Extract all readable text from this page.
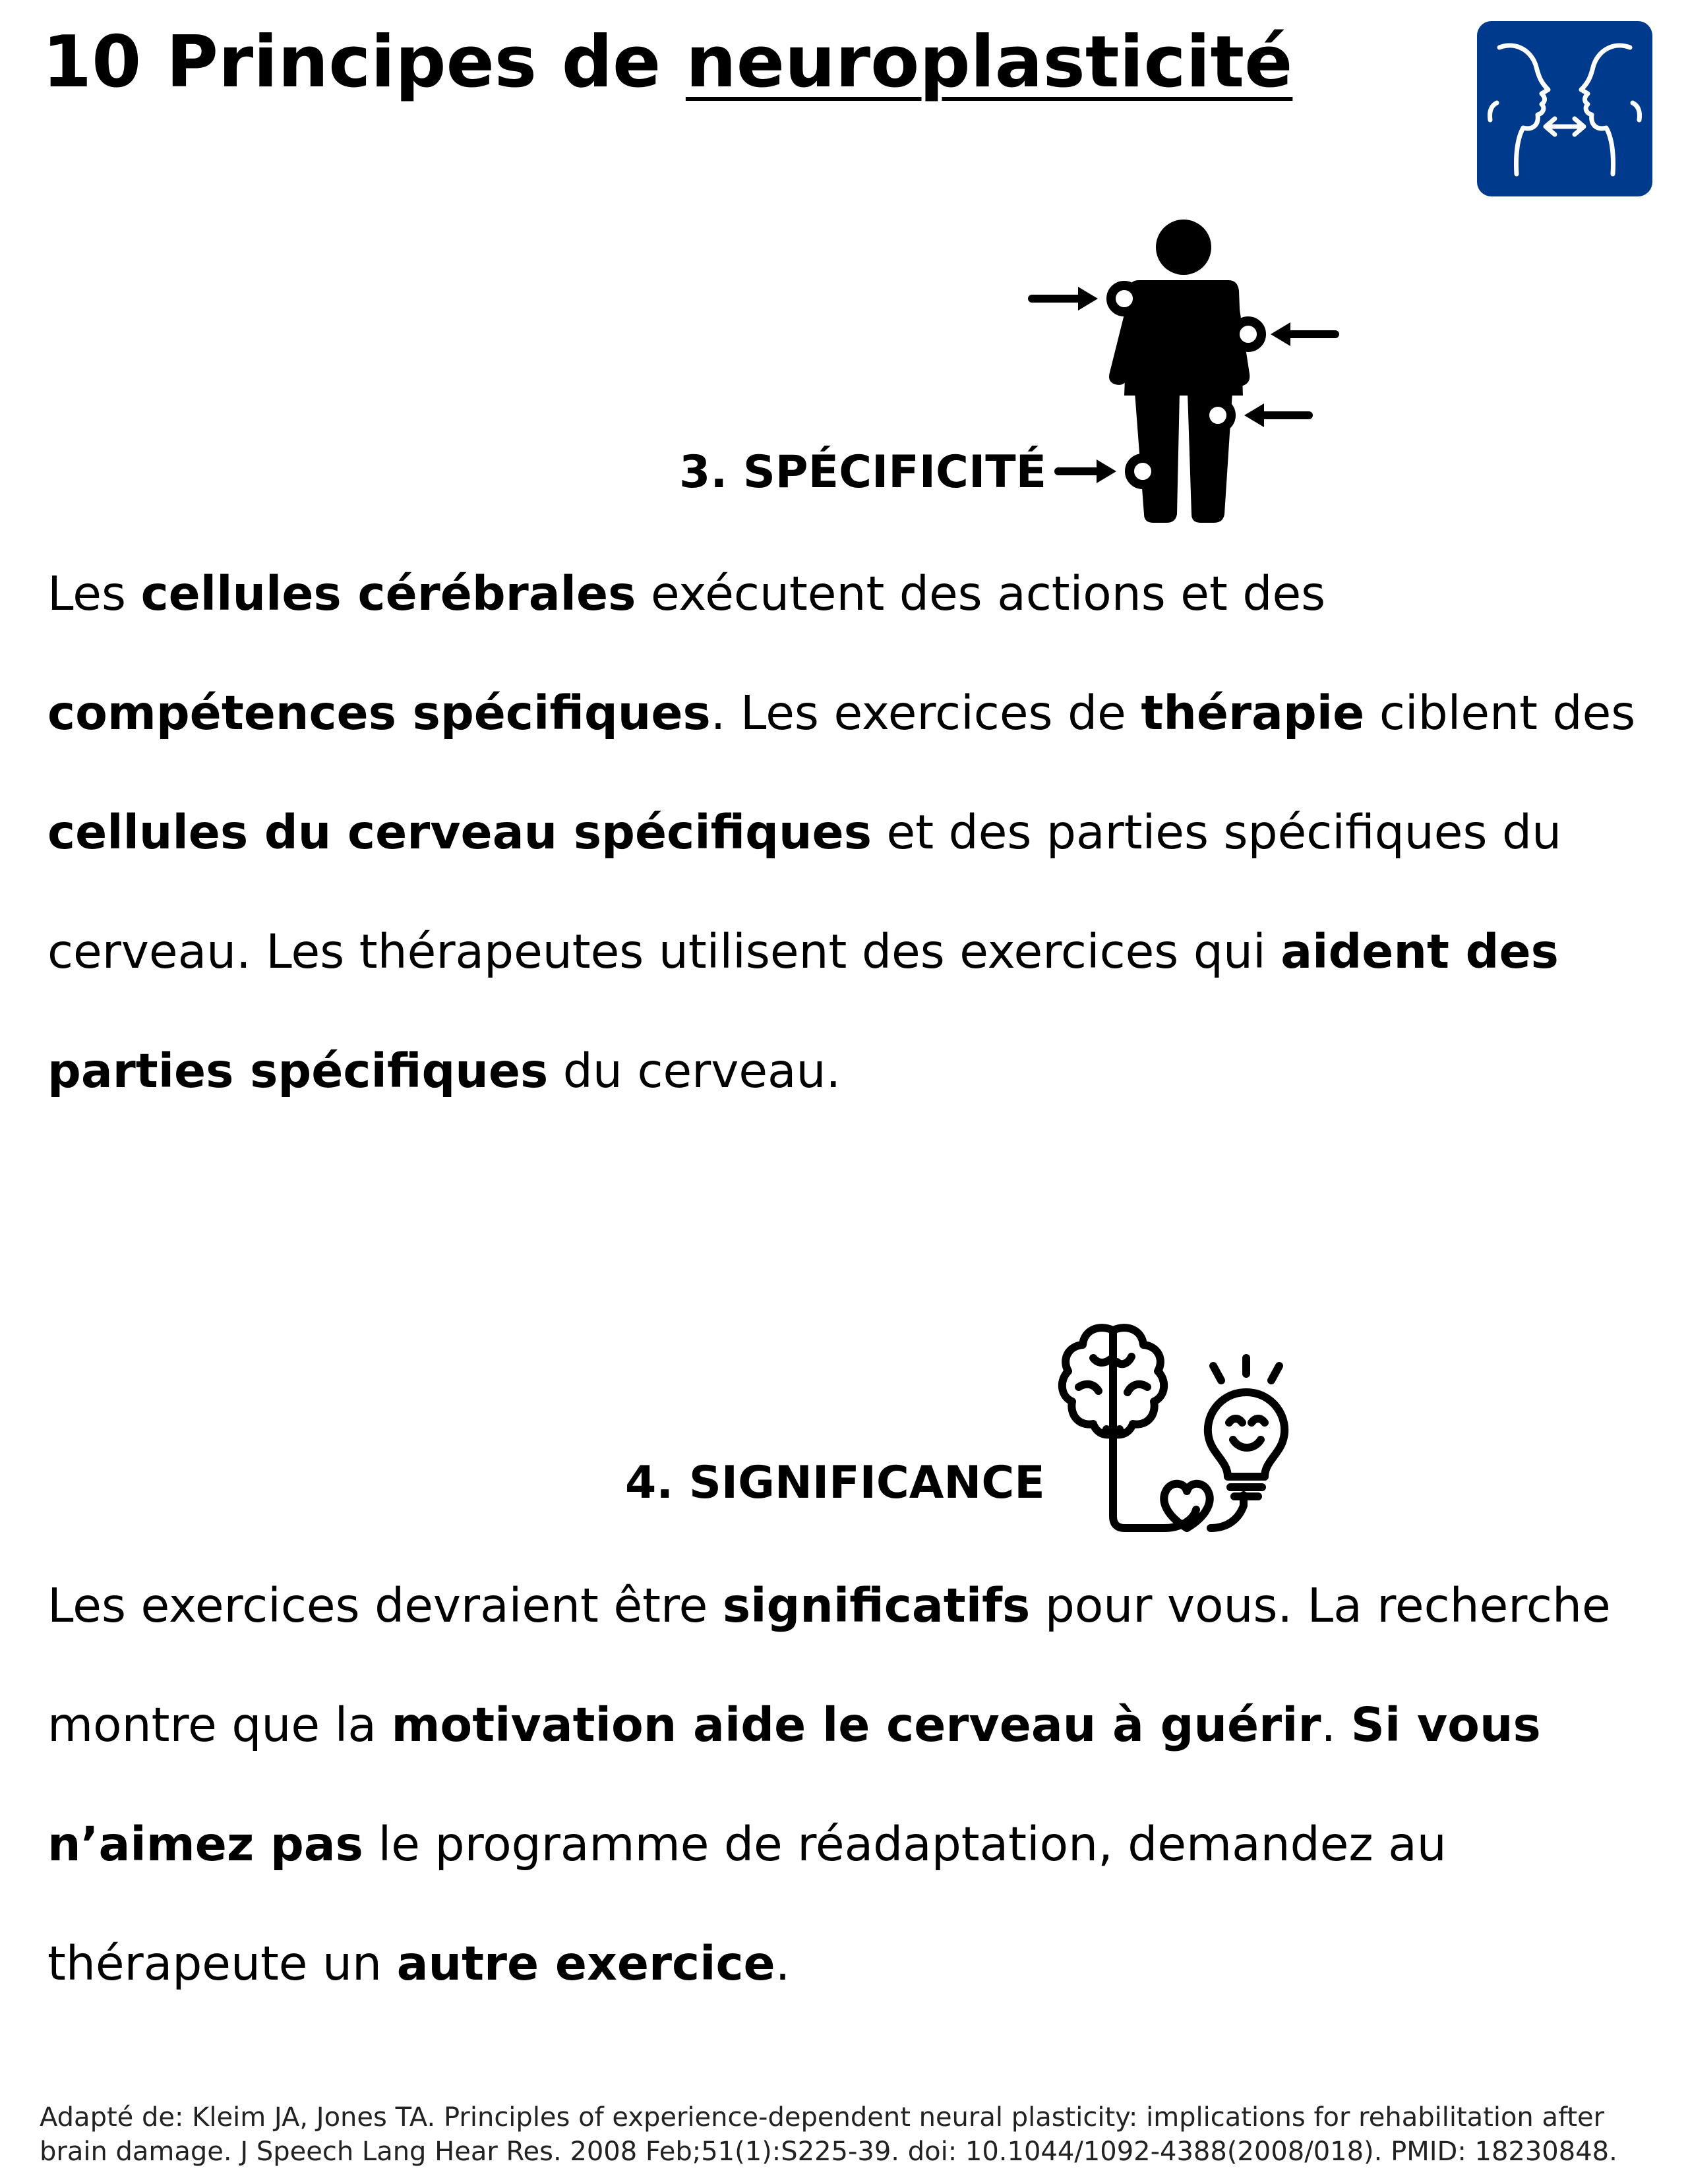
10 Principes de neuroplasticité
3. SPÉCIFICITÉ
Les cellules cérébrales exécutent des actions et des
compétences spécifiques. Les exercices de thérapie ciblent des
cellules du cerveau spécifiques et des parties spécifiques du
cerveau. Les thérapeutes utilisent des exercices qui aident des
parties spécifiques du cerveau.
4. SIGNIFICANCE
Les exercices devraient être significatifs pour vous. La recherche
montre que la motivation aide le cerveau à guérir. Si vous
n’aimez pas le programme de réadaptation, demandez au
thérapeute un autre exercice.
Adapté de: Kleim JA, Jones TA. Principles of experience-dependent neural plasticity: implications for rehabilitation after
brain damage. J Speech Lang Hear Res. 2008 Feb;51(1):S225-39. doi: 10.1044/1092-4388(2008/018). PMID: 18230848.
